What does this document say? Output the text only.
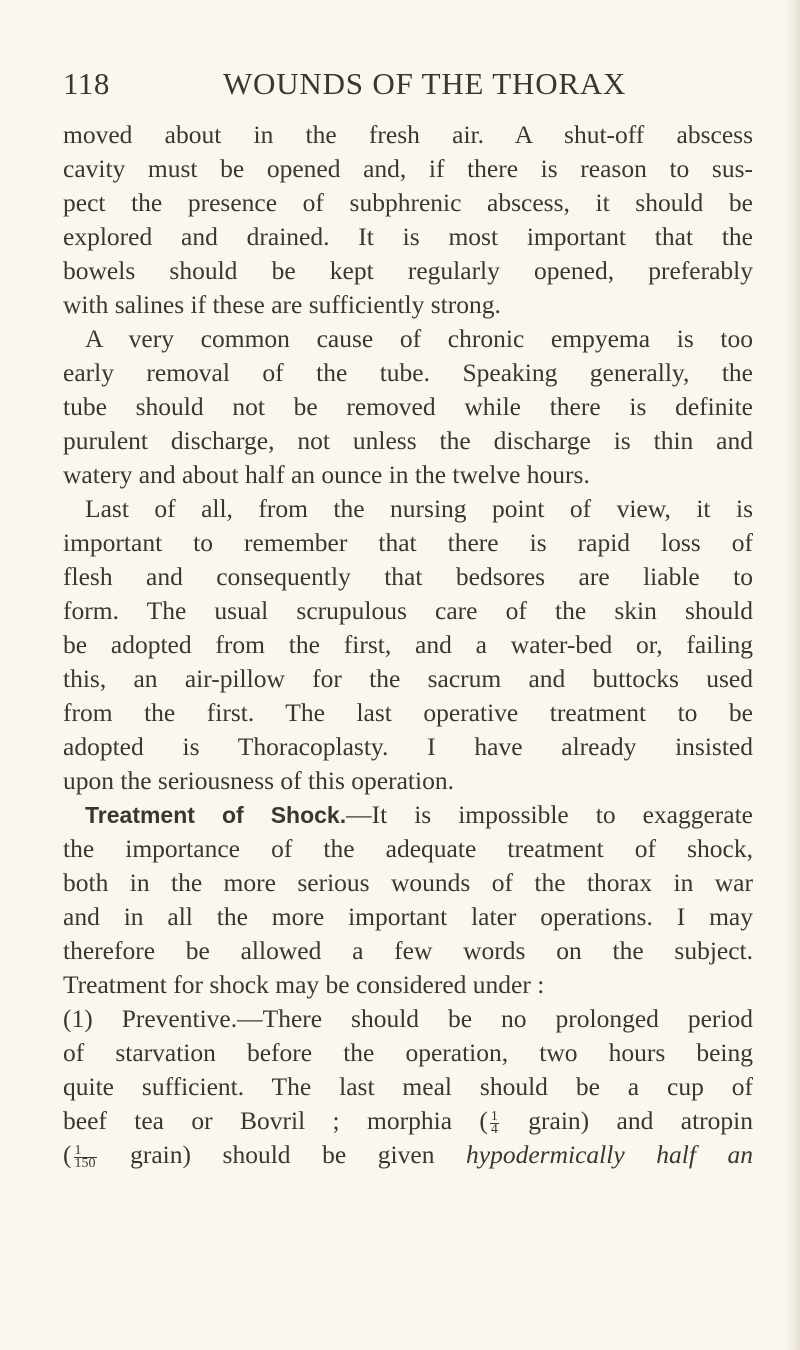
118	WOUNDS OF THE THORAX
moved about in the fresh air. A shut-off abscess
cavity must be opened and, if there is reason to sus-
pect the presence of subphrenic abscess, it should be
explored and drained. It is most important that the
bowels should be kept regularly opened, preferably
with salines if these are sufficiently strong.
A very common cause of chronic empyema is too
early removal of the tube. Speaking generally, the
tube should not be removed while there is definite
purulent discharge, not unless the discharge is thin and
watery and about half an ounce in the twelve hours.
Last of all, from the nursing point of view, it is
important to remember that there is rapid loss of
flesh and consequently that bedsores are liable to
form. The usual scrupulous care of the skin should
be adopted from the first, and a water-bed or, failing
this, an air-pillow for the sacrum and buttocks used
from the first. The last operative treatment to be
adopted is Thoracoplasty. I have already insisted
upon the seriousness of this operation.
Treatment of Shock.—It is impossible to exaggerate
the importance of the adequate treatment of shock,
both in the more serious wounds of the thorax in war
and in all the more important later operations. I may
therefore be allowed a few words on the subject.
Treatment for shock may be considered under :
(1) Preventive.—There should be no prolonged period
of starvation before the operation, two hours being
quite sufficient. The last meal should be a cup of
beef tea or Bovril ; morphia ( $\frac{1}{4}$ grain) and atropin
( $\frac{1}{150}$ grain) should be given hypodermically half an
